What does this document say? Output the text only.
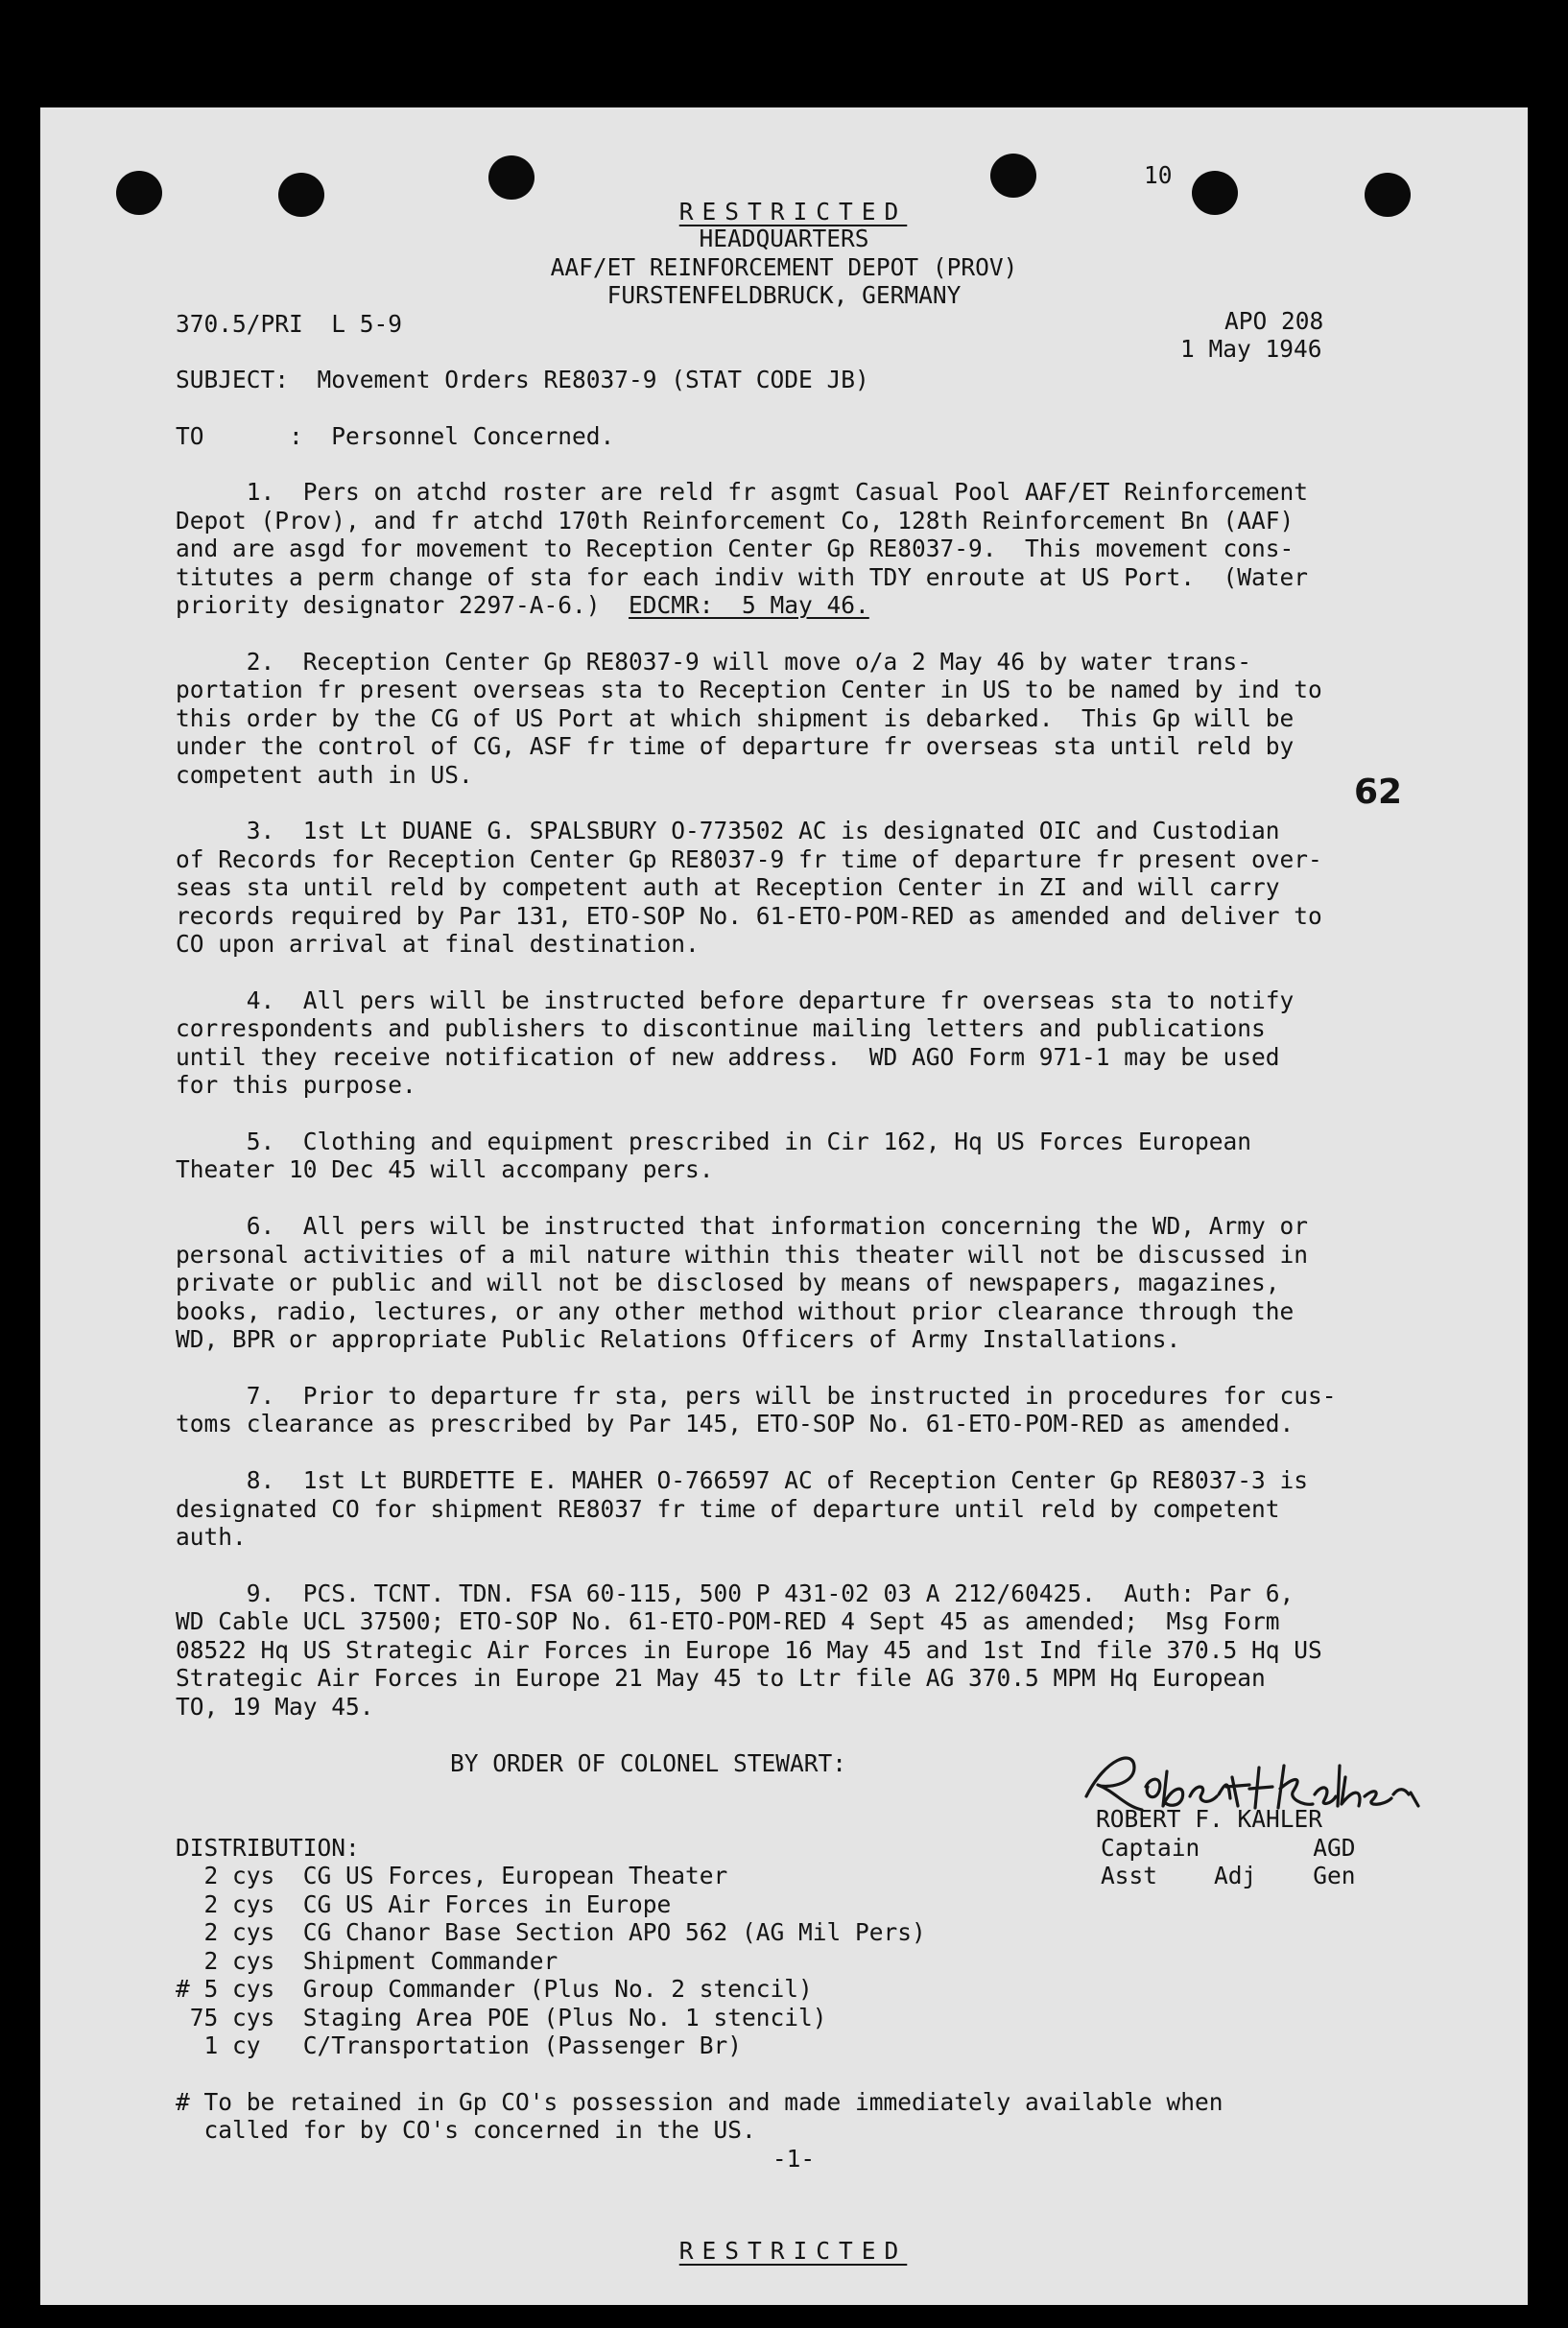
RESTRICTED

10
HEADQUARTERS
AAF/ET REINFORCEMENT DEPOT (PROV)
FURSTENFELDBRUCK, GERMANY
370.5/PRI  L 5-9	APO 208
1 May 1946
SUBJECT:  Movement Orders RE8037-9 (STAT CODE JB)
TO      :  Personnel Concerned.
1.  Pers on atchd roster are reld fr asgmt Casual Pool AAF/ET Reinforcement
Depot (Prov), and fr atchd 170th Reinforcement Co, 128th Reinforcement Bn (AAF)
and are asgd for movement to Reception Center Gp RE8037-9.  This movement cons-
titutes a perm change of sta for each indiv with TDY enroute at US Port.  (Water
priority designator 2297-A-6.)  EDCMR:  5 May 46.
2.  Reception Center Gp RE8037-9 will move o/a 2 May 46 by water trans-
portation fr present overseas sta to Reception Center in US to be named by ind to
this order by the CG of US Port at which shipment is debarked.  This Gp will be
under the control of CG, ASF fr time of departure fr overseas sta until reld by
competent auth in US.	62
3.  1st Lt DUANE G. SPALSBURY O-773502 AC is designated OIC and Custodian
of Records for Reception Center Gp RE8037-9 fr time of departure fr present over-
seas sta until reld by competent auth at Reception Center in ZI and will carry
records required by Par 131, ETO-SOP No. 61-ETO-POM-RED as amended and deliver to
CO upon arrival at final destination.
4.  All pers will be instructed before departure fr overseas sta to notify
correspondents and publishers to discontinue mailing letters and publications
until they receive notification of new address.  WD AGO Form 971-1 may be used
for this purpose.
5.  Clothing and equipment prescribed in Cir 162, Hq US Forces European
Theater 10 Dec 45 will accompany pers.
6.  All pers will be instructed that information concerning the WD, Army or
personal activities of a mil nature within this theater will not be discussed in
private or public and will not be disclosed by means of newspapers, magazines,
books, radio, lectures, or any other method without prior clearance through the
WD, BPR or appropriate Public Relations Officers of Army Installations.
7.  Prior to departure fr sta, pers will be instructed in procedures for cus-
toms clearance as prescribed by Par 145, ETO-SOP No. 61-ETO-POM-RED as amended.
8.  1st Lt BURDETTE E. MAHER O-766597 AC of Reception Center Gp RE8037-3 is
designated CO for shipment RE8037 fr time of departure until reld by competent
auth.
9.  PCS. TCNT. TDN. FSA 60-115, 500 P 431-02 03 A 212/60425.  Auth: Par 6,
WD Cable UCL 37500; ETO-SOP No. 61-ETO-POM-RED 4 Sept 45 as amended;  Msg Form
08522 Hq US Strategic Air Forces in Europe 16 May 45 and 1st Ind file 370.5 Hq US
Strategic Air Forces in Europe 21 May 45 to Ltr file AG 370.5 MPM Hq European
TO, 19 May 45.
BY ORDER OF COLONEL STEWART:
ROBERT F. KAHLER
Captain        AGD
Asst    Adj    Gen
DISTRIBUTION:
2 cys  CG US Forces, European Theater
2 cys  CG US Air Forces in Europe
2 cys  CG Chanor Base Section APO 562 (AG Mil Pers)
2 cys  Shipment Commander
# 5 cys  Group Commander (Plus No. 2 stencil)
75 cys  Staging Area POE (Plus No. 1 stencil)
1 cy   C/Transportation (Passenger Br)
# To be retained in Gp CO's possession and made immediately available when
called for by CO's concerned in the US.
-1-

RESTRICTED
